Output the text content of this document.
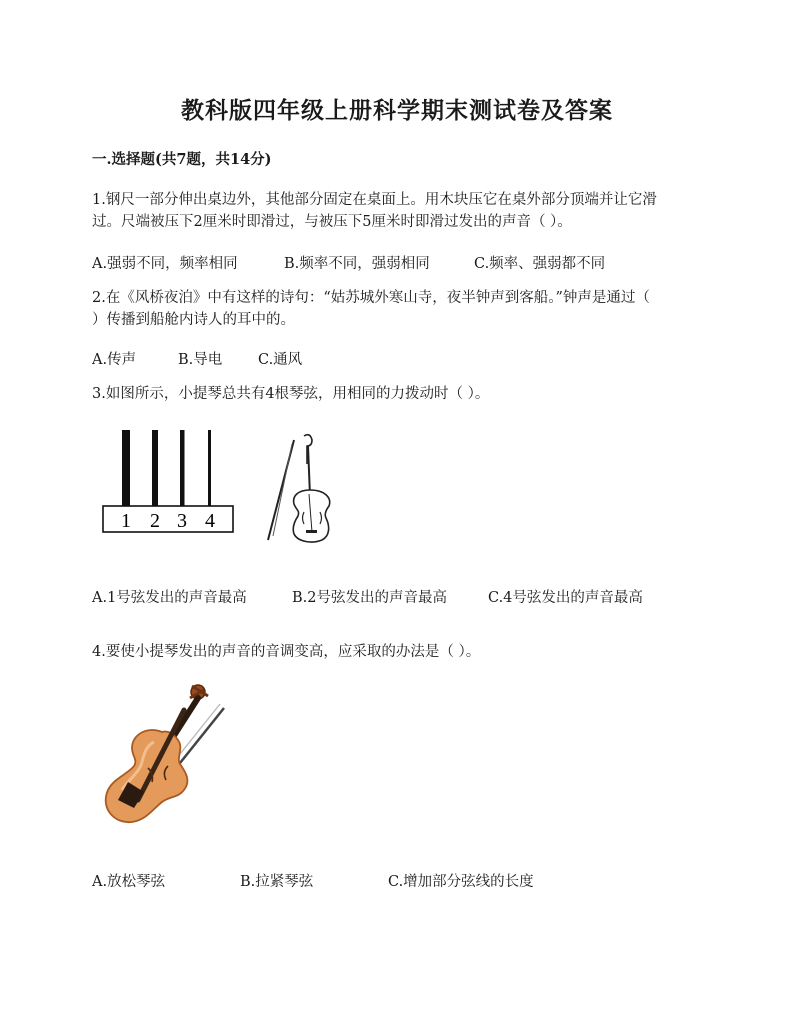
教科版四年级上册科学期末测试卷及答案
一.选择题(共7题，共14分)
1.钢尺一部分伸出桌边外，其他部分固定在桌面上。用木块压它在桌外部分顶端并让它滑
过。尺端被压下2厘米时即滑过，与被压下5厘米时即滑过发出的声音（ ）。
A.强弱不同，频率相同	B.频率不同，强弱相同	C.频率、强弱都不同
2.在《风桥夜泊》中有这样的诗句：“姑苏城外寒山寺，夜半钟声到客船。”钟声是通过（
）传播到船舱内诗人的耳中的。
A.传声	B.导电 C.通风
3.如图所示，小提琴总共有4根琴弦，用相同的力拨动时（ ）。
1 2 3 4
A.1号弦发出的声音最高	B.2号弦发出的声音最高	C.4号弦发出的声音最高
4.要使小提琴发出的声音的音调变高，应采取的办法是（ ）。
A.放松琴弦	B.拉紧琴弦	C.增加部分弦线的长度
